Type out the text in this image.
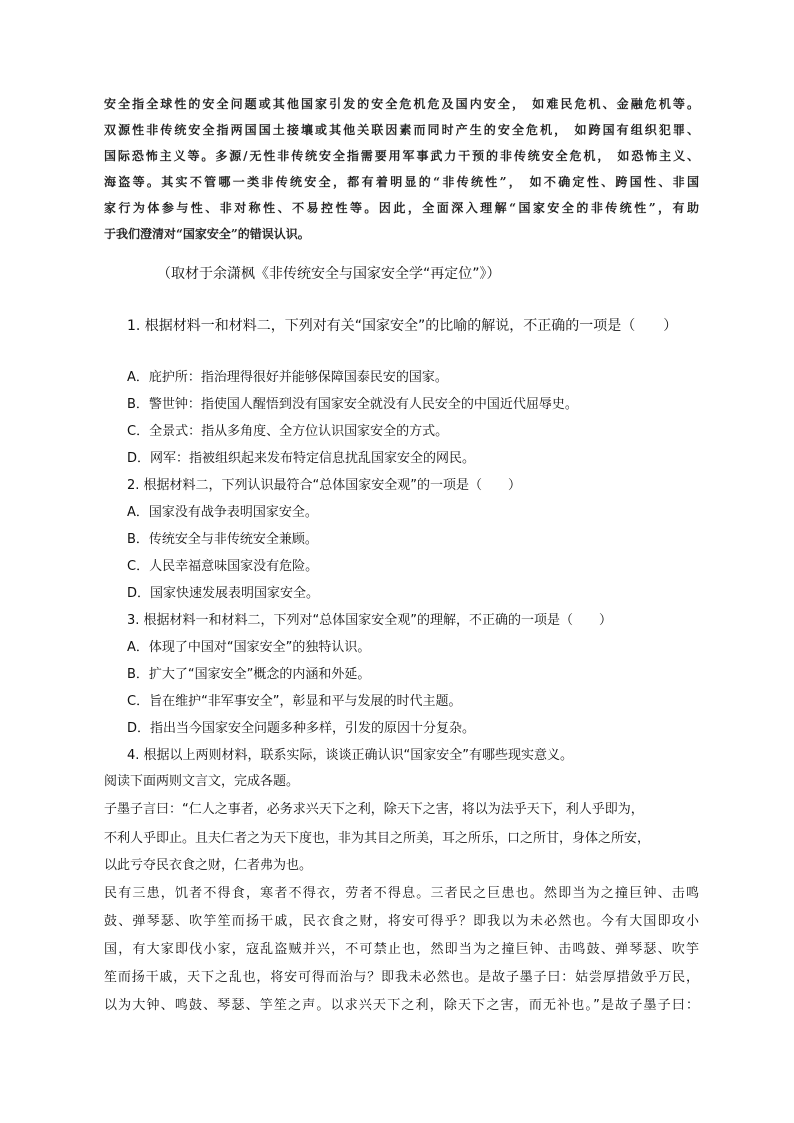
安全指全球性的安全问题或其他国家引发的安全危机危及国内安全， 如难民危机、金融危机等。
双源性非传统安全指两国国土接壤或其他关联因素而同时产生的安全危机， 如跨国有组织犯罪、
国际恐怖主义等。多源/无性非传统安全指需要用军事武力干预的非传统安全危机， 如恐怖主义、
海盗等。其实不管哪一类非传统安全，都有着明显的“非传统性”， 如不确定性、跨国性、非国
家行为体参与性、非对称性、不易控性等。因此，全面深入理解“国家安全的非传统性”，有助
于我们澄清对“国家安全”的错误认识。
（取材于余潇枫《非传统安全与国家安全学“再定位”》）
1. 根据材料一和材料二，下列对有关“国家安全”的比喻的解说，不正确的一项是（　　）
A．庇护所：指治理得很好并能够保障国泰民安的国家。
B．警世钟：指使国人醒悟到没有国家安全就没有人民安全的中国近代屈辱史。
C．全景式：指从多角度、全方位认识国家安全的方式。
D．网军：指被组织起来发布特定信息扰乱国家安全的网民。
2. 根据材料二，下列认识最符合“总体国家安全观”的一项是（　　）
A．国家没有战争表明国家安全。
B．传统安全与非传统安全兼顾。
C．人民幸福意味国家没有危险。
D．国家快速发展表明国家安全。
3. 根据材料一和材料二，下列对“总体国家安全观”的理解，不正确的一项是（　　）
A．体现了中国对“国家安全”的独特认识。
B．扩大了“国家安全”概念的内涵和外延。
C．旨在维护“非军事安全”，彰显和平与发展的时代主题。
D．指出当今国家安全问题多种多样，引发的原因十分复杂。
4. 根据以上两则材料，联系实际，谈谈正确认识“国家安全”有哪些现实意义。
阅读下面两则文言文，完成各题。
子墨子言曰：“仁人之事者，必务求兴天下之利，除天下之害，将以为法乎天下，利人乎即为，
不利人乎即止。且夫仁者之为天下度也，非为其目之所美，耳之所乐，口之所甘，身体之所安，
以此亏夺民衣食之财，仁者弗为也。
民有三患，饥者不得食，寒者不得衣，劳者不得息。三者民之巨患也。然即当为之撞巨钟、击鸣
鼓、弹琴瑟、吹竽笙而扬干戚，民衣食之财，将安可得乎？即我以为未必然也。今有大国即攻小
国，有大家即伐小家，寇乱盗贼并兴，不可禁止也，然即当为之撞巨钟、击鸣鼓、弹琴瑟、吹竽
笙而扬干戚，天下之乱也，将安可得而治与？即我未必然也。是故子墨子曰：姑尝厚措敛乎万民，
以为大钟、鸣鼓、琴瑟、竽笙之声。以求兴天下之利，除天下之害，而无补也。”是故子墨子曰：
